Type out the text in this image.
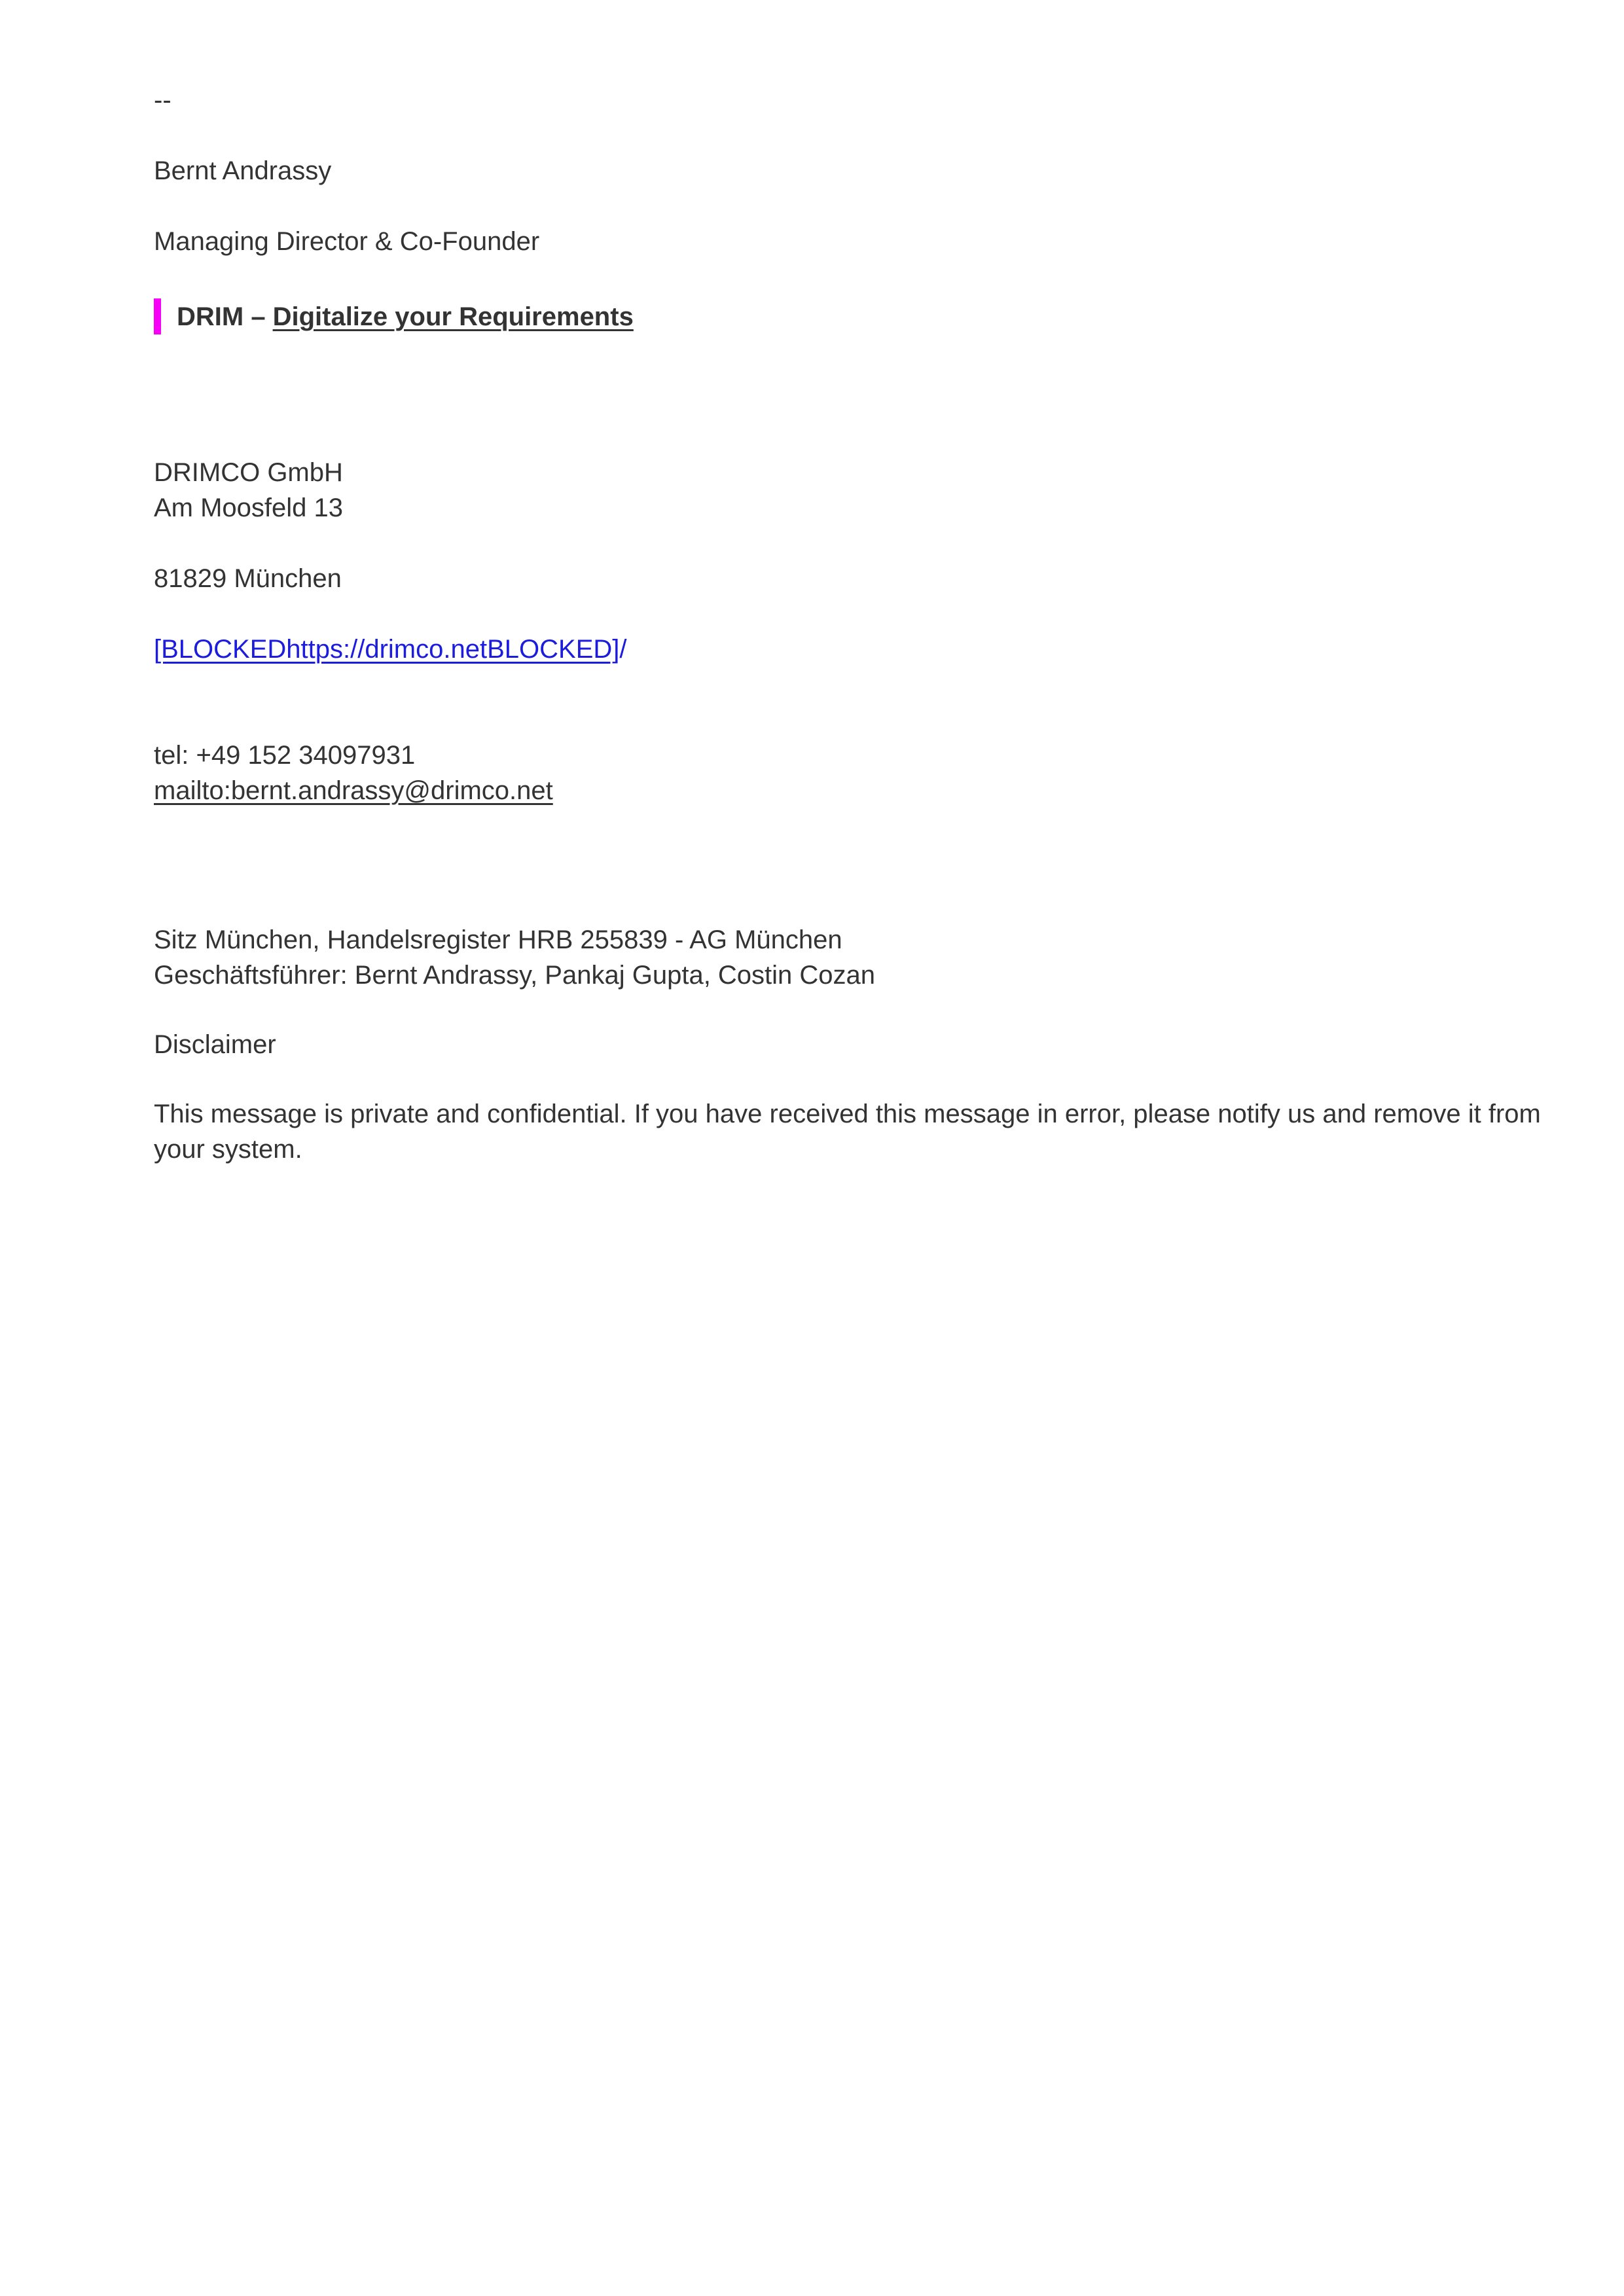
--

Bernt Andrassy

Managing Director & Co-Founder

DRIM – Digitalize your Requirements

DRIMCO GmbH
Am Moosfeld 13

81829 München

[BLOCKEDhttps://drimco.netBLOCKED]/

tel: +49 152 34097931
mailto:bernt.andrassy@drimco.net

Sitz München, Handelsregister HRB 255839 - AG München
Geschäftsführer: Bernt Andrassy, Pankaj Gupta, Costin Cozan

Disclaimer

This message is private and confidential. If you have received this message in error, please notify us and remove it from your system.
